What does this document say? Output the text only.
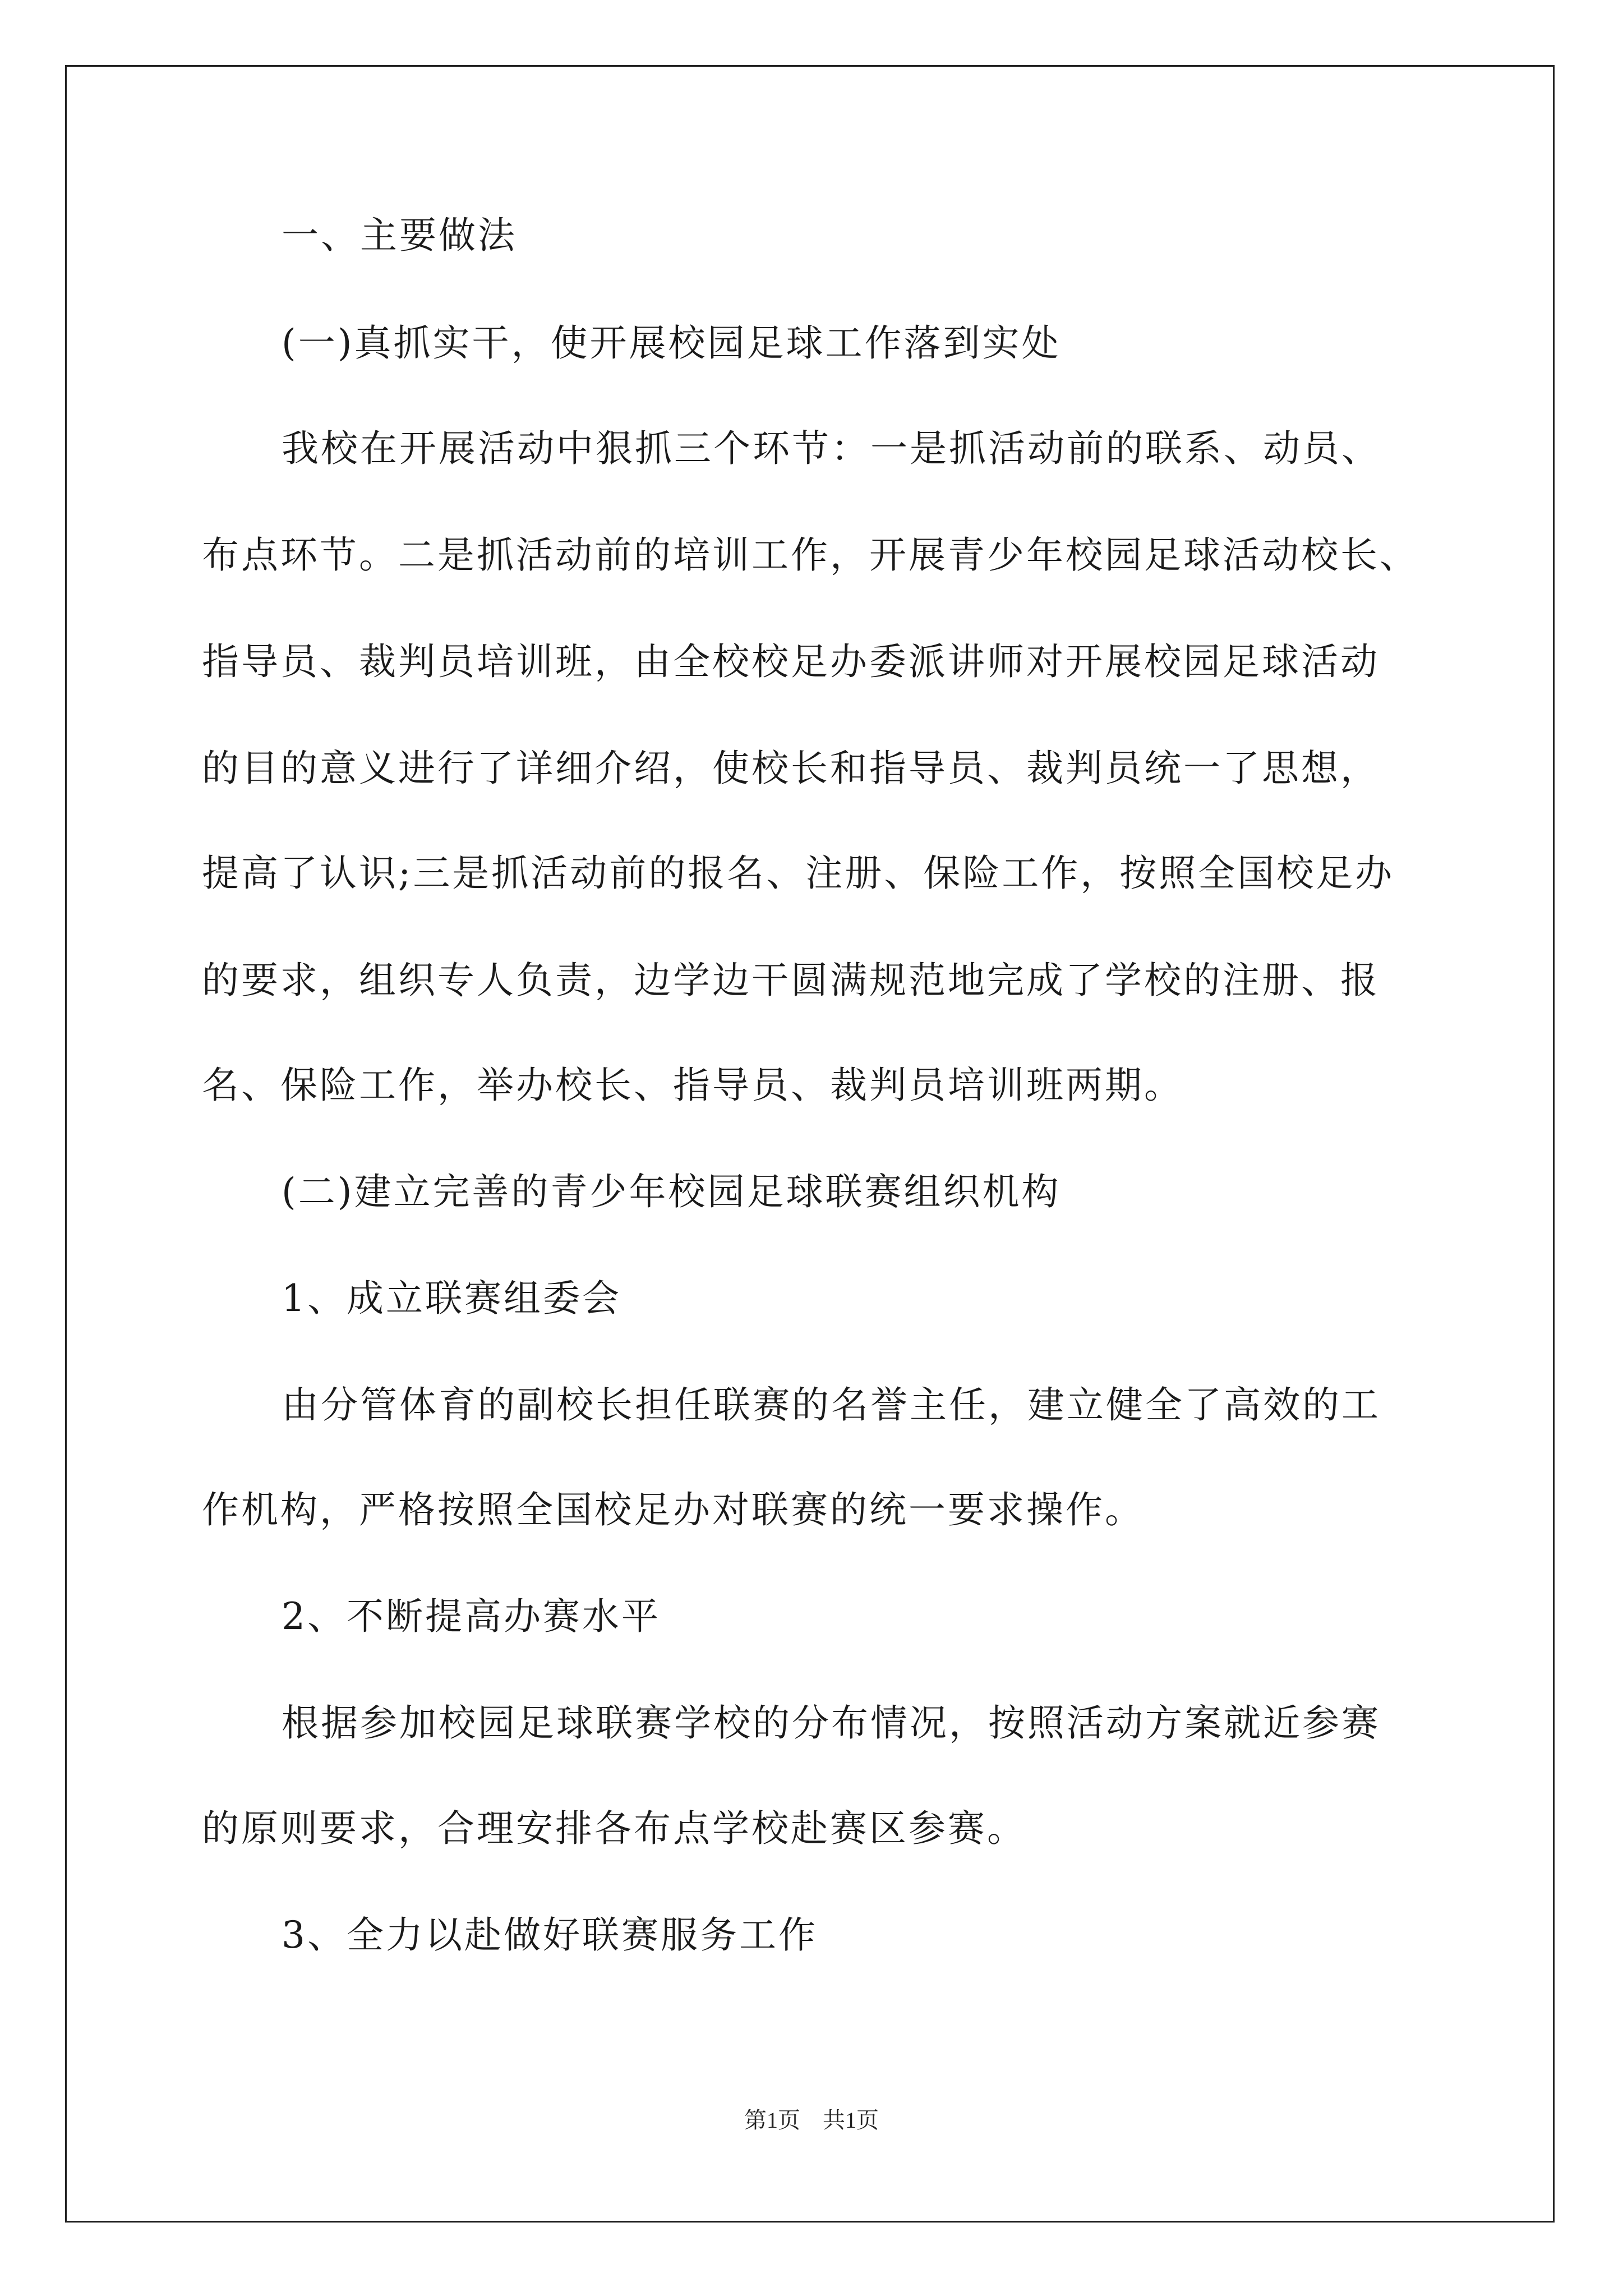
一、主要做法
(一)真抓实干，使开展校园足球工作落到实处
我校在开展活动中狠抓三个环节：一是抓活动前的联系、动员、
布点环节。二是抓活动前的培训工作，开展青少年校园足球活动校长、
指导员、裁判员培训班，由全校校足办委派讲师对开展校园足球活动
的目的意义进行了详细介绍，使校长和指导员、裁判员统一了思想，
提高了认识;三是抓活动前的报名、注册、保险工作，按照全国校足办
的要求，组织专人负责，边学边干圆满规范地完成了学校的注册、报
名、保险工作，举办校长、指导员、裁判员培训班两期。
(二)建立完善的青少年校园足球联赛组织机构
1、成立联赛组委会
由分管体育的副校长担任联赛的名誉主任，建立健全了高效的工
作机构，严格按照全国校足办对联赛的统一要求操作。
2、不断提高办赛水平
根据参加校园足球联赛学校的分布情况，按照活动方案就近参赛
的原则要求，合理安排各布点学校赴赛区参赛。
3、全力以赴做好联赛服务工作
第1页 共1页
